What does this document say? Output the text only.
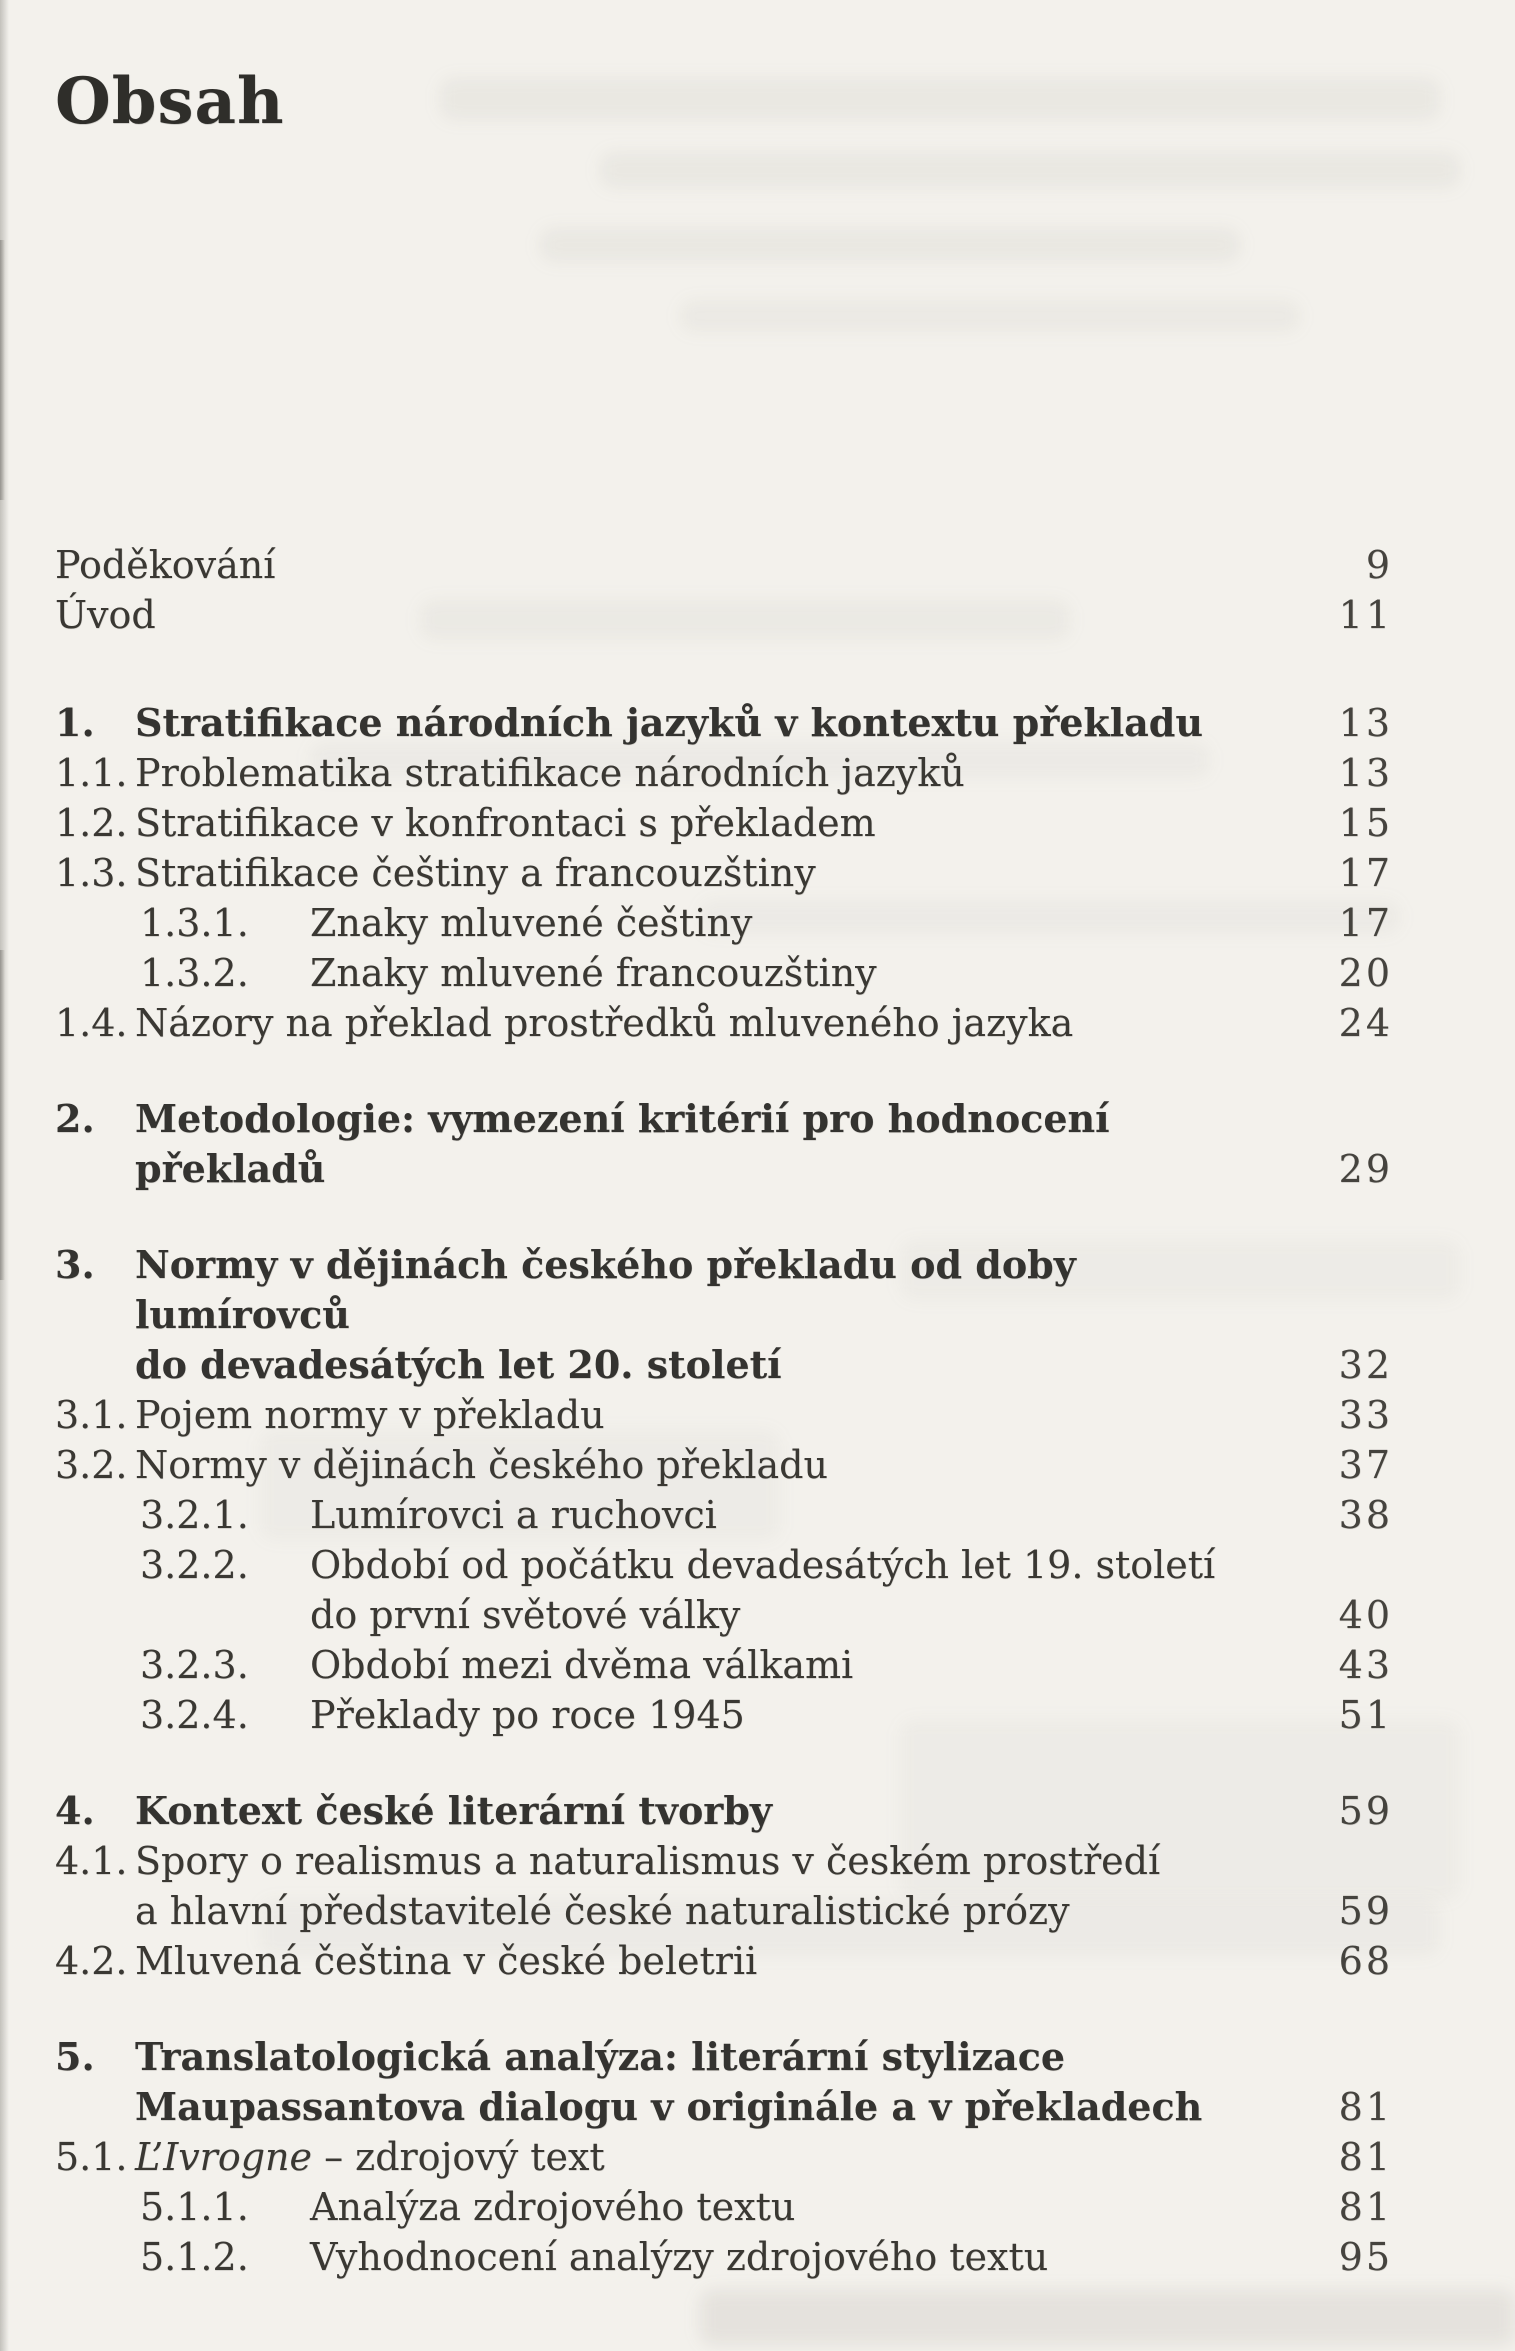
Obsah
Poděkování	9
Úvod	11
1.	Stratifikace národních jazyků v kontextu překladu	13
1.1. Problematika stratifikace národních jazyků	13
1.2. Stratifikace v konfrontaci s překladem	15
1.3. Stratifikace češtiny a francouzštiny	17
1.3.1.	Znaky mluvené češtiny	17
1.3.2.	Znaky mluvené francouzštiny	20
1.4. Názory na překlad prostředků mluveného jazyka	24
2.	Metodologie: vymezení kritérií pro hodnocení překladů	29
3.	Normy v dějinách českého překladu od doby lumírovců
do devadesátých let 20. století	32
3.1. Pojem normy v překladu	33
3.2. Normy v dějinách českého překladu	37
3.2.1.	Lumírovci a ruchovci	38
3.2.2.	Období od počátku devadesátých let 19. století
do první světové války	40
3.2.3.	Období mezi dvěma válkami	43
3.2.4.	Překlady po roce 1945	51
4.	Kontext české literární tvorby	59
4.1. Spory o realismus a naturalismus v českém prostředí
a hlavní představitelé české naturalistické prózy	59
4.2. Mluvená čeština v české beletrii	68
5.	Translatologická analýza: literární stylizace
Maupassantova dialogu v originále a v překladech	81
5.1. L’Ivrogne – zdrojový text	81
5.1.1.	Analýza zdrojového textu	81
5.1.2.	Vyhodnocení analýzy zdrojového textu	95
